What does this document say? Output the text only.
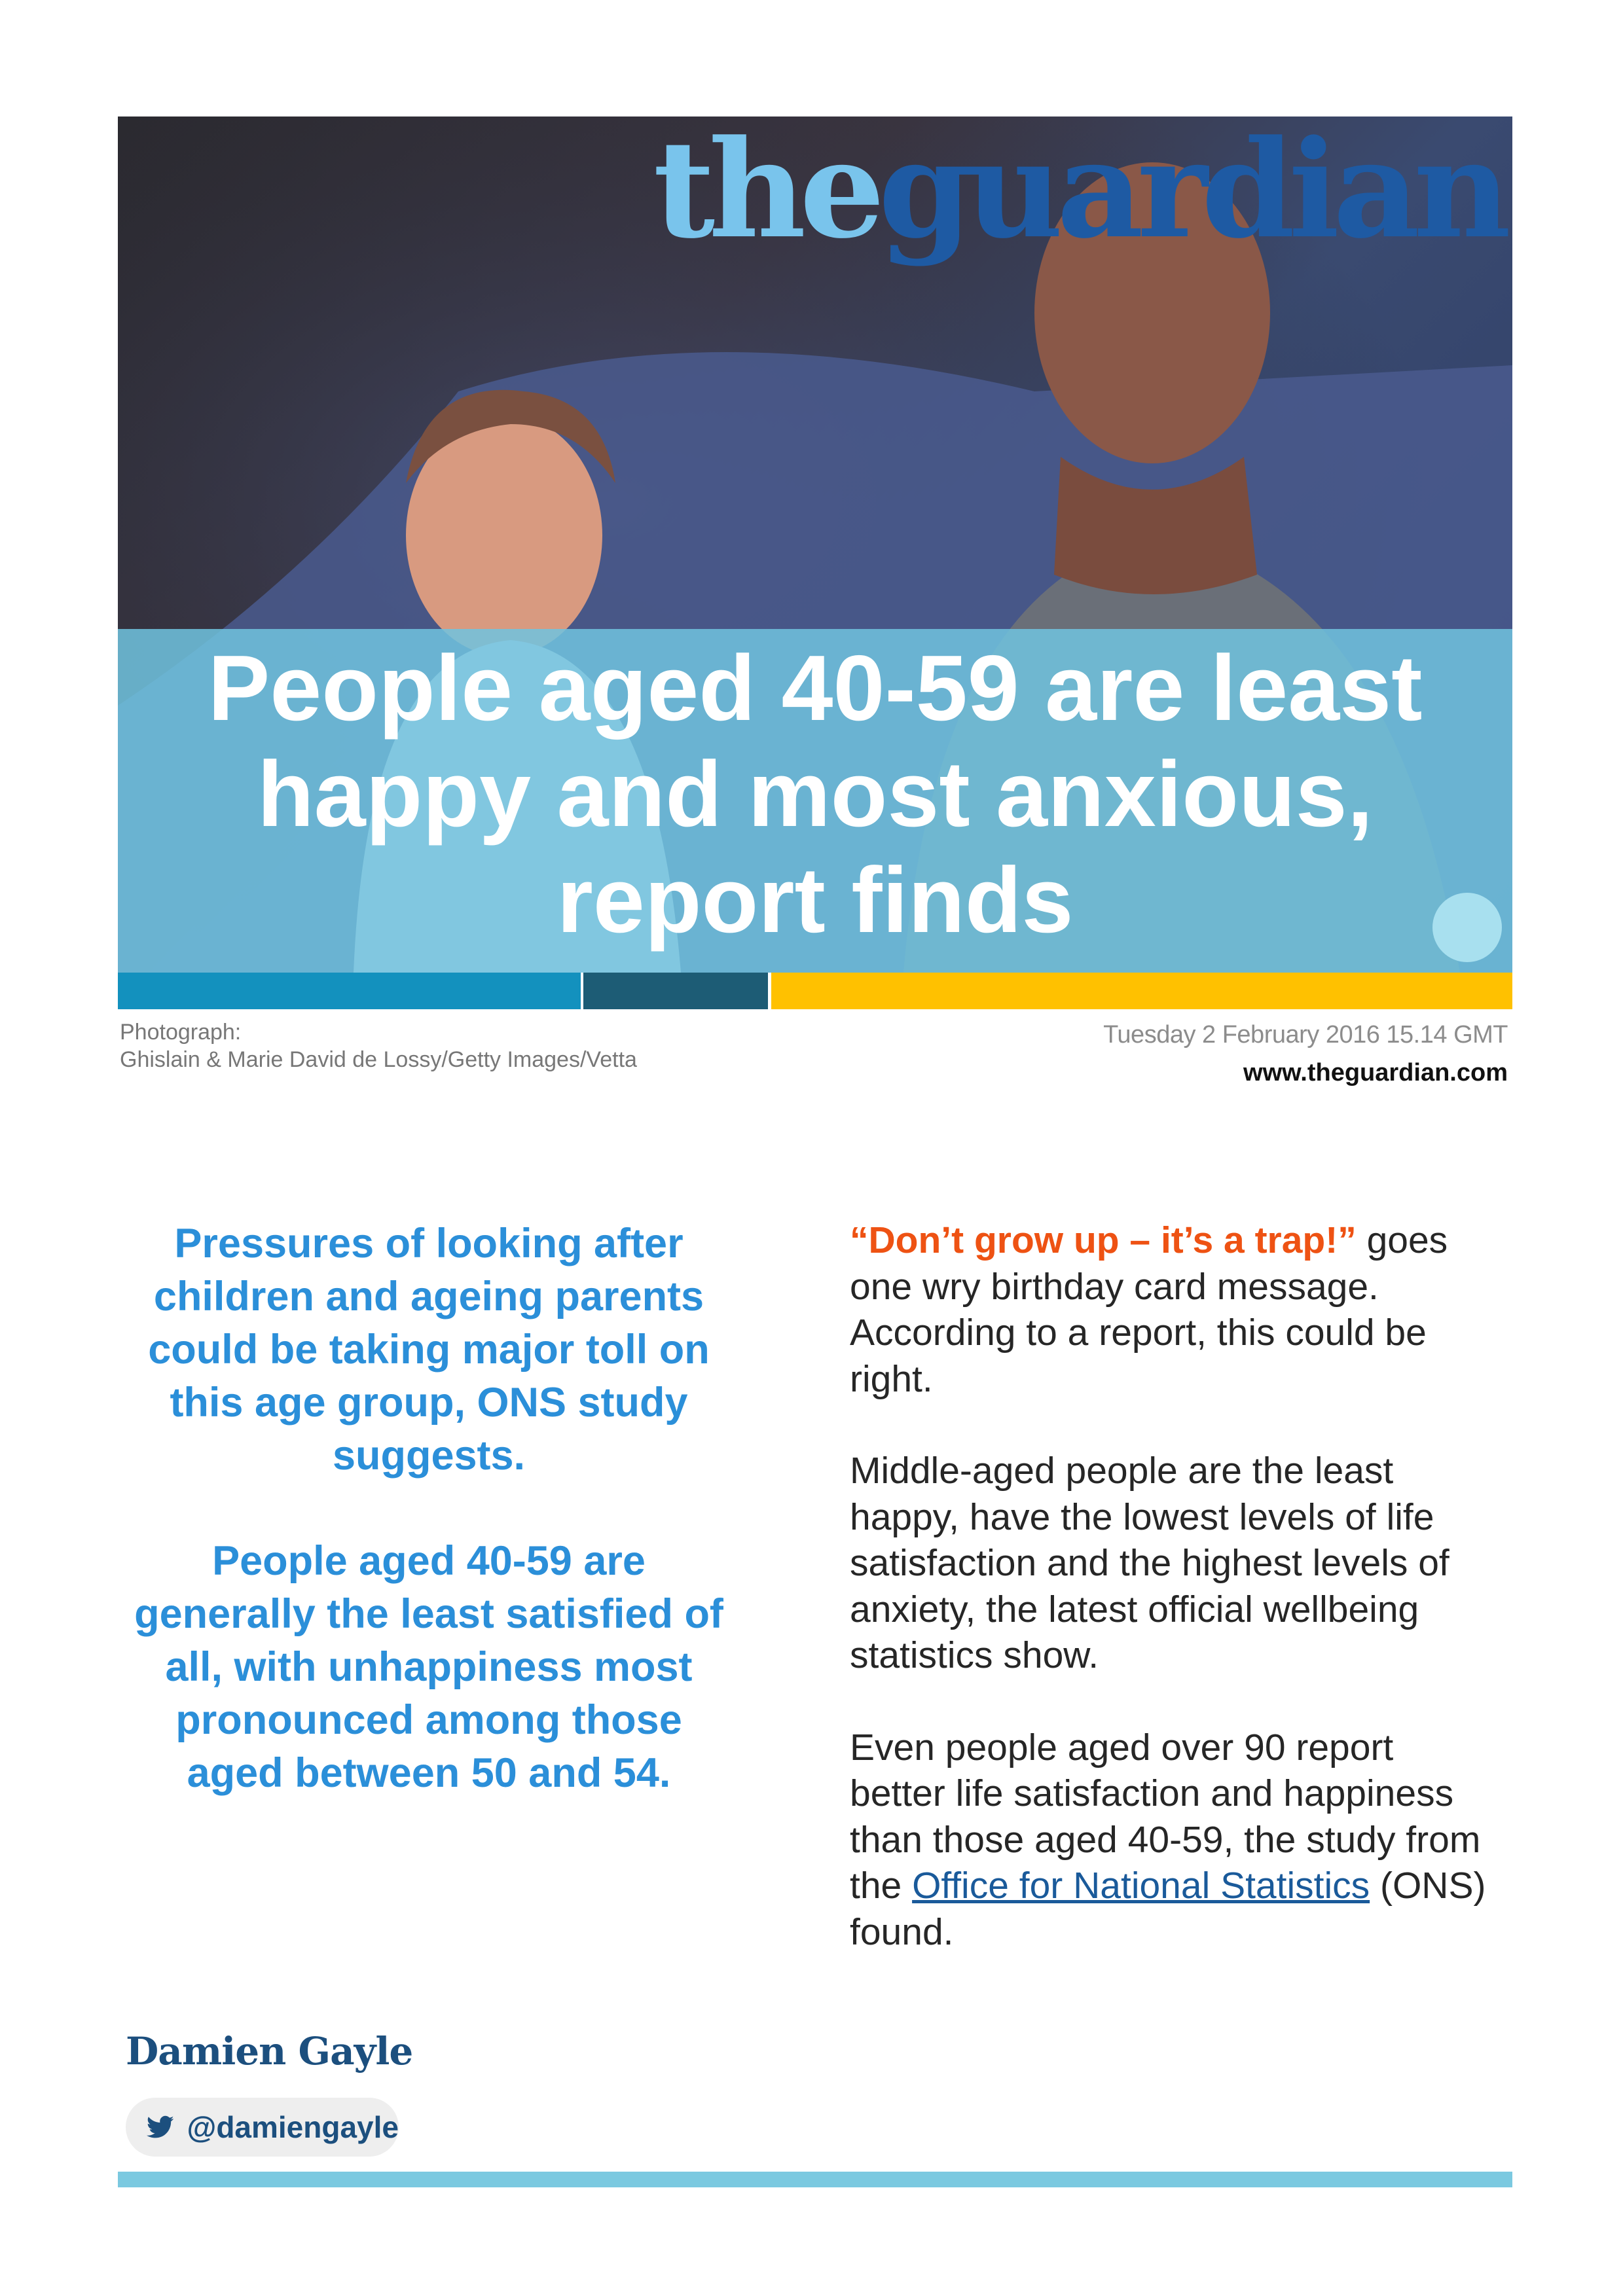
theguardian
People aged 40-59 are least happy and most anxious, report finds
Photograph:
Ghislain & Marie David de Lossy/Getty Images/Vetta
Tuesday 2 February 2016 15.14 GMT
www.theguardian.com

Pressures of looking after children and ageing parents could be taking major toll on this age group, ONS study suggests.

People aged 40-59 are generally the least satisfied of all, with unhappiness most pronounced among those aged between 50 and 54.

“Don’t grow up – it’s a trap!” goes one wry birthday card message. According to a report, this could be right.

Middle-aged people are the least happy, have the lowest levels of life satisfaction and the highest levels of anxiety, the latest official wellbeing statistics show.

Even people aged over 90 report better life satisfaction and happiness than those aged 40-59, the study from the Office for National Statistics (ONS) found.

Damien Gayle
@damiengayle
